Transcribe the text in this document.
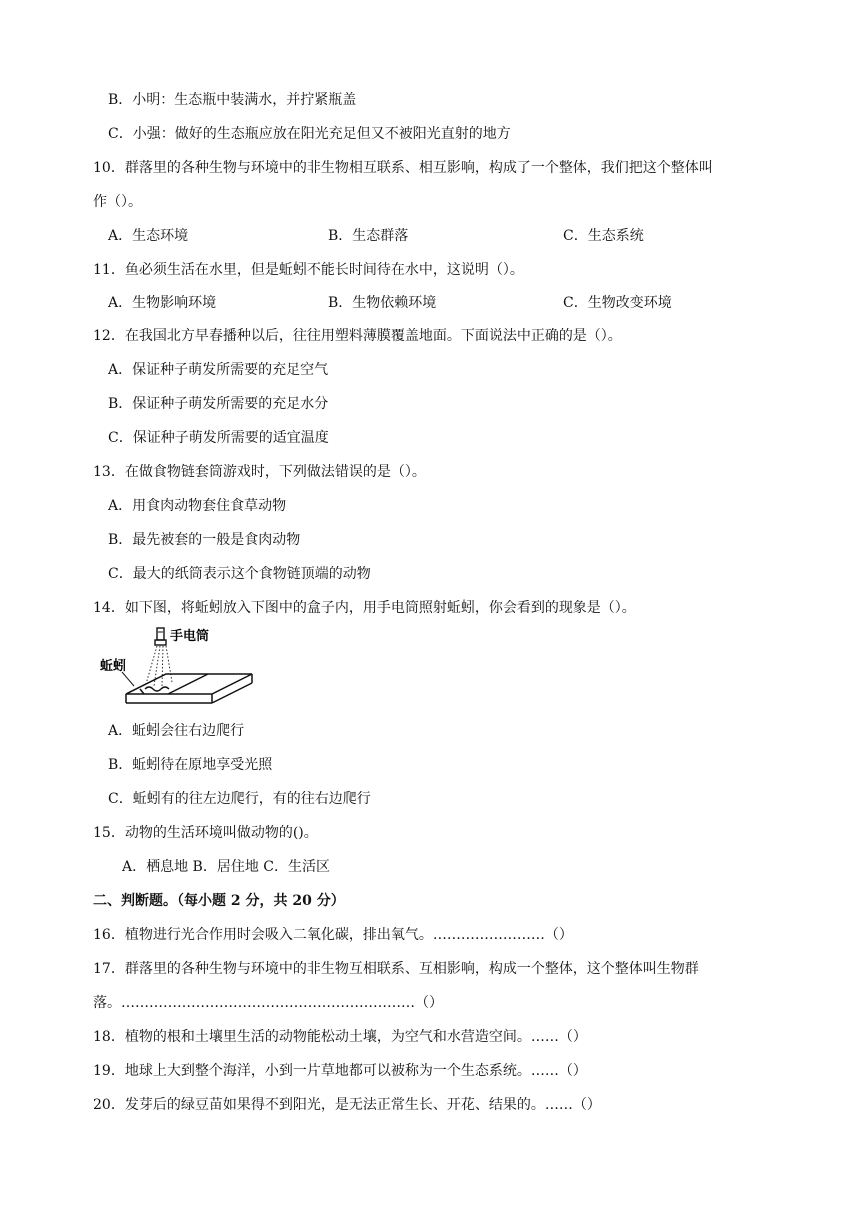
B．小明：生态瓶中装满水，并拧紧瓶盖
C．小强：做好的生态瓶应放在阳光充足但又不被阳光直射的地方
10．群落里的各种生物与环境中的非生物相互联系、相互影响，构成了一个整体，我们把这个整体叫
作（）。
A．生态环境	B．生态群落	C．生态系统
11．鱼必须生活在水里，但是蚯蚓不能长时间待在水中，这说明（）。
A．生物影响环境	B．生物依赖环境	C．生物改变环境
12．在我国北方早春播种以后，往往用塑料薄膜覆盖地面。下面说法中正确的是（）。
A．保证种子萌发所需要的充足空气
B．保证种子萌发所需要的充足水分
C．保证种子萌发所需要的适宜温度
13．在做食物链套筒游戏时，下列做法错误的是（）。
A．用食肉动物套住食草动物
B．最先被套的一般是食肉动物
C．最大的纸筒表示这个食物链顶端的动物
14．如下图，将蚯蚓放入下图中的盒子内，用手电筒照射蚯蚓，你会看到的现象是（）。
手电筒
蚯蚓
A．蚯蚓会往右边爬行
B．蚯蚓待在原地享受光照
C．蚯蚓有的往左边爬行，有的往右边爬行
15．动物的生活环境叫做动物的()。
A．栖息地 B．居住地 C．生活区
二、判断题。（每小题 2 分，共 20 分）
16．植物进行光合作用时会吸入二氧化碳，排出氧气。……………………（）
17．群落里的各种生物与环境中的非生物互相联系、互相影响，构成一个整体，这个整体叫生物群
落。………………………………………………………（）
18．植物的根和土壤里生活的动物能松动土壤，为空气和水营造空间。……（）
19．地球上大到整个海洋，小到一片草地都可以被称为一个生态系统。……（）
20．发芽后的绿豆苗如果得不到阳光，是无法正常生长、开花、结果的。……（）
